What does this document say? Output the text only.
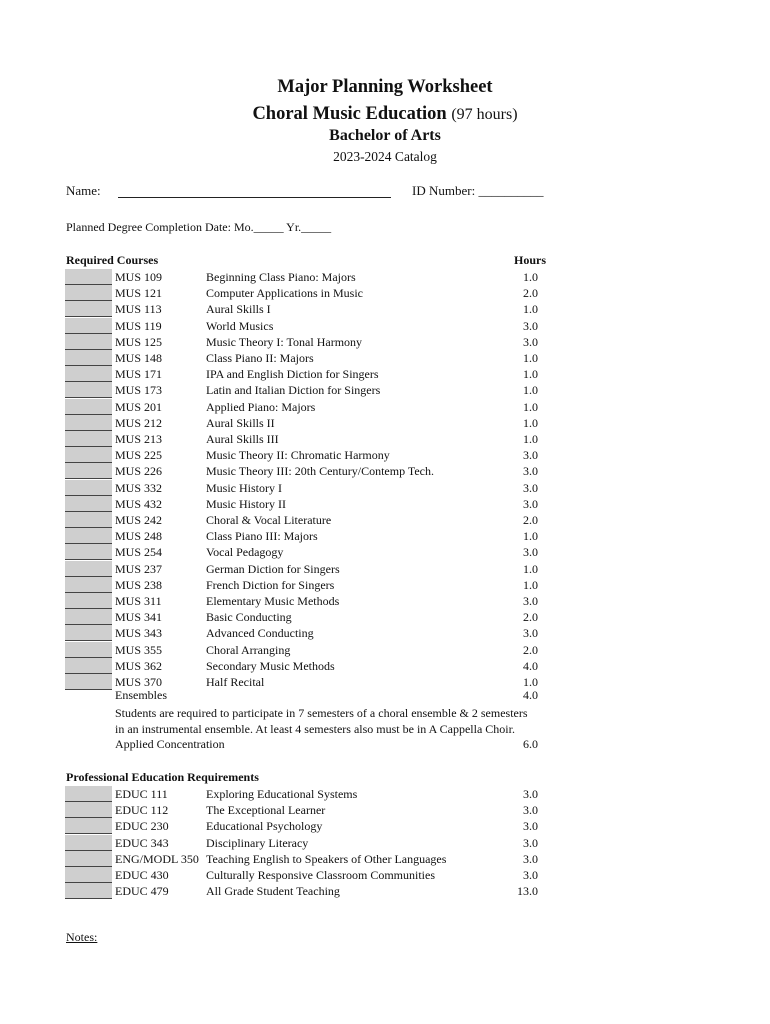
Major Planning Worksheet
Choral Music Education (97 hours)
Bachelor of Arts
2023-2024 Catalog
Name:	ID Number: __________
Planned Degree Completion Date: Mo._____ Yr._____
Required Courses	Hours
MUS 109	Beginning Class Piano: Majors	1.0
MUS 121	Computer Applications in Music	2.0
MUS 113	Aural Skills I	1.0
MUS 119	World Musics	3.0
MUS 125	Music Theory I: Tonal Harmony	3.0
MUS 148	Class Piano II: Majors	1.0
MUS 171	IPA and English Diction for Singers	1.0
MUS 173	Latin and Italian Diction for Singers	1.0
MUS 201	Applied Piano: Majors	1.0
MUS 212	Aural Skills II	1.0
MUS 213	Aural Skills III	1.0
MUS 225	Music Theory II: Chromatic Harmony	3.0
MUS 226	Music Theory III: 20th Century/Contemp Tech.	3.0
MUS 332	Music History I	3.0
MUS 432	Music History II	3.0
MUS 242	Choral & Vocal Literature	2.0
MUS 248	Class Piano III: Majors	1.0
MUS 254	Vocal Pedagogy	3.0
MUS 237	German Diction for Singers	1.0
MUS 238	French Diction for Singers	1.0
MUS 311	Elementary Music Methods	3.0
MUS 341	Basic Conducting	2.0
MUS 343	Advanced Conducting	3.0
MUS 355	Choral Arranging	2.0
MUS 362	Secondary Music Methods	4.0
MUS 370	Half Recital	1.0
Ensembles	4.0
Students are required to participate in 7 semesters of a choral ensemble & 2 semesters
in an instrumental ensemble. At least 4 semesters also must be in A Cappella Choir.
Applied Concentration	6.0
Professional Education Requirements
EDUC 111	Exploring Educational Systems	3.0
EDUC 112	The Exceptional Learner	3.0
EDUC 230	Educational Psychology	3.0
EDUC 343	Disciplinary Literacy	3.0
ENG/MODL 350 Teaching English to Speakers of Other Languages	3.0
EDUC 430	Culturally Responsive Classroom Communities	3.0
EDUC 479	All Grade Student Teaching	13.0
Notes:
